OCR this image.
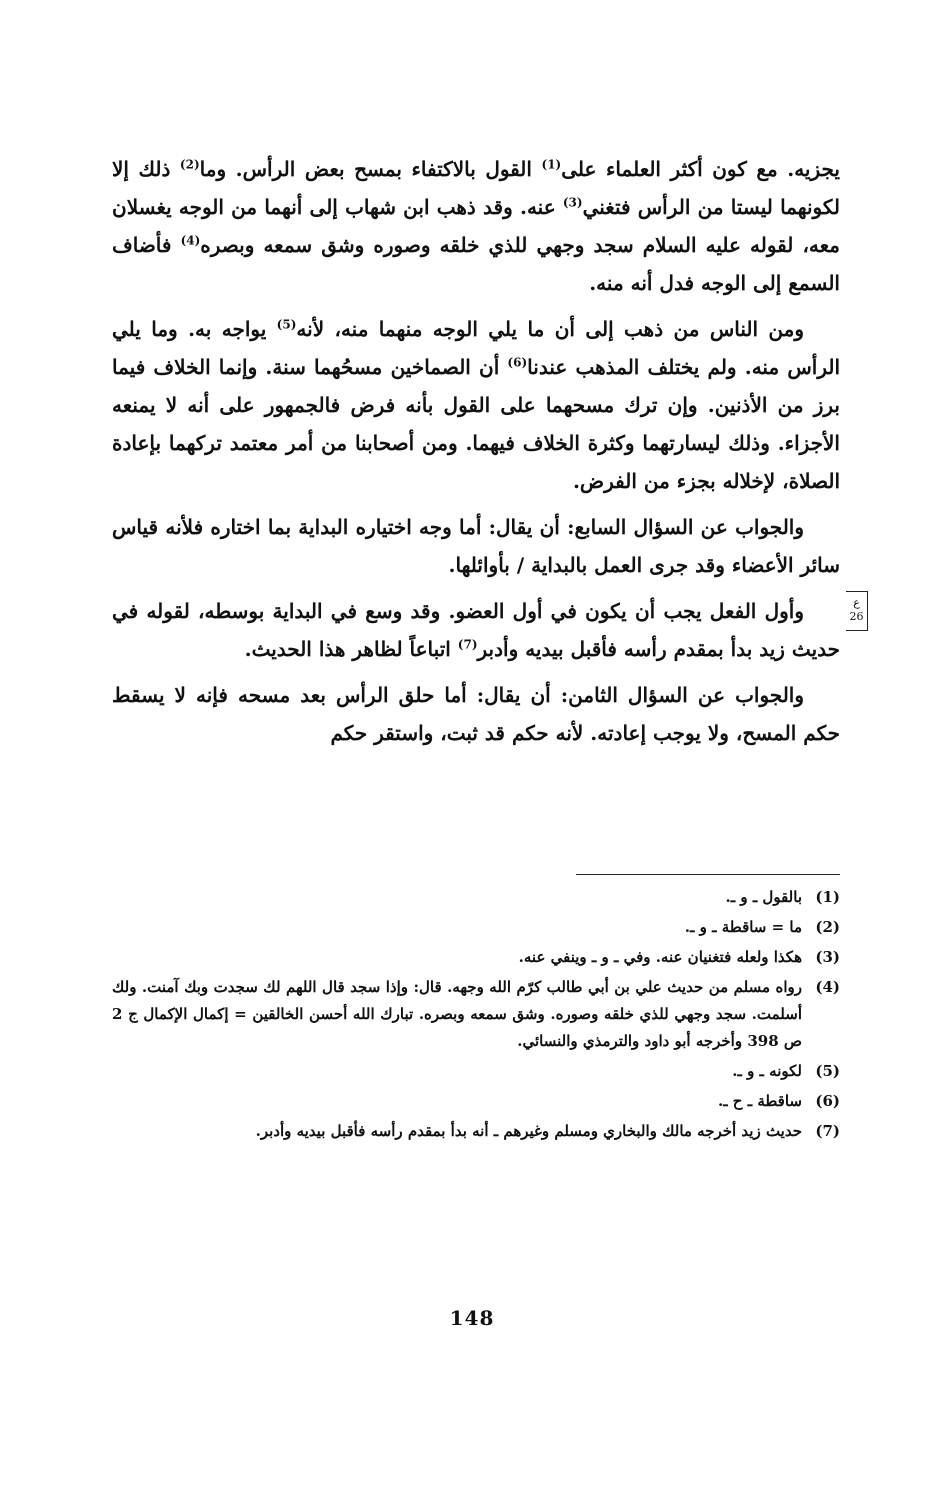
يجزيه. مع كون أكثر العلماء على$^{(1)}$ القول بالاكتفاء بمسح بعض الرأس. وما$^{(2)}$ ذلك إلا لكونهما ليستا من الرأس فتغني$^{(3)}$ عنه. وقد ذهب ابن شهاب إلى أنهما من الوجه يغسلان معه، لقوله عليه السلام سجد وجهي للذي خلقه وصوره وشق سمعه وبصره$^{(4)}$ فأضاف السمع إلى الوجه فدل أنه منه.

ومن الناس من ذهب إلى أن ما يلي الوجه منهما منه، لأنه$^{(5)}$ يواجه به. وما يلي الرأس منه. ولم يختلف المذهب عندنا$^{(6)}$ أن الصماخين مسحُهما سنة. وإنما الخلاف فيما برز من الأذنين. وإن ترك مسحهما على القول بأنه فرض فالجمهور على أنه لا يمنعه الأجزاء. وذلك ليسارتهما وكثرة الخلاف فيهما. ومن أصحابنا من أمر معتمد تركهما بإعادة الصلاة، لإخلاله بجزء من الفرض.

والجواب عن السؤال السابع: أن يقال: أما وجه اختياره البداية بما اختاره فلأنه قياس سائر الأعضاء وقد جرى العمل بالبداية / بأوائلها.

وأول الفعل يجب أن يكون في أول العضو. وقد وسع في البداية بوسطه، لقوله في حديث زيد بدأ بمقدم رأسه فأقبل بيديه وأدبر$^{(7)}$ اتباعاً لظاهر هذا الحديث.

والجواب عن السؤال الثامن: أن يقال: أما حلق الرأس بعد مسحه فإنه لا يسقط حكم المسح، ولا يوجب إعادته. لأنه حكم قد ثبت، واستقر حكم

ع
26
(1)
بالقول ـ و ـ.
(2)
ما = ساقطة ـ و ـ.
(3)
هكذا ولعله فتغنيان عنه. وفي ـ و ـ وينفي عنه.
(4)
رواه مسلم من حديث علي بن أبي طالب كرّم الله وجهه. قال: وإذا سجد قال اللهم لك سجدت وبك آمنت. ولك أسلمت. سجد وجهي للذي خلقه وصوره. وشق سمعه وبصره. تبارك الله أحسن الخالقين = إكمال الإكمال ج 2 ص 398 وأخرجه أبو داود والترمذي والنسائي.
(5)
لكونه ـ و ـ.
(6)
ساقطة ـ ح ـ.
(7)
حديث زيد أخرجه مالك والبخاري ومسلم وغيرهم ـ أنه بدأ بمقدم رأسه فأقبل بيديه وأدبر.
148
